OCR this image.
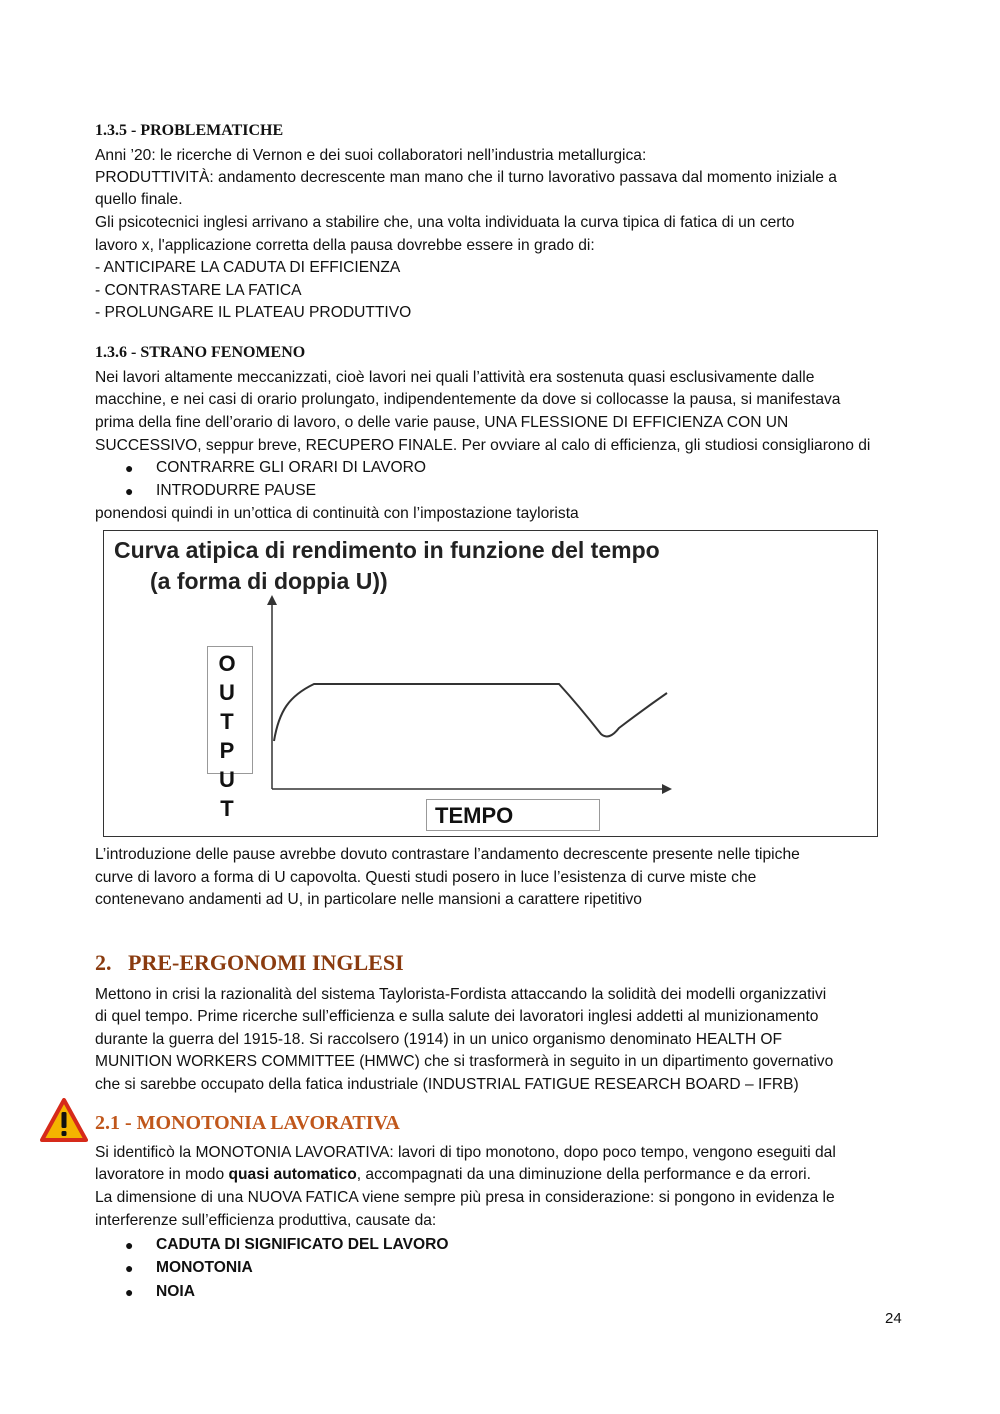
1.3.5 - PROBLEMATICHE
Anni ’20: le ricerche di Vernon e dei suoi collaboratori nell’industria metallurgica:
PRODUTTIVITÀ: andamento decrescente man mano che il turno lavorativo passava dal momento iniziale a
quello finale.
Gli psicotecnici inglesi arrivano a stabilire che, una volta individuata la curva tipica di fatica di un certo
lavoro x, l'applicazione corretta della pausa dovrebbe essere in grado di:
- ANTICIPARE LA CADUTA DI EFFICIENZA
- CONTRASTARE LA FATICA
- PROLUNGARE IL PLATEAU PRODUTTIVO
1.3.6 - STRANO FENOMENO
Nei lavori altamente meccanizzati, cioè lavori nei quali l’attività era sostenuta quasi esclusivamente dalle
macchine, e nei casi di orario prolungato, indipendentemente da dove si collocasse la pausa, si manifestava
prima della fine dell’orario di lavoro, o delle varie pause, UNA FLESSIONE DI EFFICIENZA CON UN
SUCCESSIVO, seppur breve, RECUPERO FINALE. Per ovviare al calo di efficienza, gli studiosi consigliarono di
● CONTRARRE GLI ORARI DI LAVORO
● INTRODURRE PAUSE
ponendosi quindi in un’ottica di continuità con l’impostazione taylorista
Curva atipica di rendimento in funzione del tempo
(a forma di doppia U))
O
U
T
P
U
T	TEMPO
L’introduzione delle pause avrebbe dovuto contrastare l’andamento decrescente presente nelle tipiche
curve di lavoro a forma di U capovolta. Questi studi posero in luce l’esistenza di curve miste che
contenevano andamenti ad U, in particolare nelle mansioni a carattere ripetitivo
2.   PRE-ERGONOMI INGLESI
Mettono in crisi la razionalità del sistema Taylorista-Fordista attaccando la solidità dei modelli organizzativi
di quel tempo. Prime ricerche sull’efficienza e sulla salute dei lavoratori inglesi addetti al munizionamento
durante la guerra del 1915-18. Si raccolsero (1914) in un unico organismo denominato HEALTH OF
MUNITION WORKERS COMMITTEE (HMWC) che si trasformerà in seguito in un dipartimento governativo
che si sarebbe occupato della fatica industriale (INDUSTRIAL FATIGUE RESEARCH BOARD – IFRB)
2.1 - MONOTONIA LAVORATIVA
Si identificò la MONOTONIA LAVORATIVA: lavori di tipo monotono, dopo poco tempo, vengono eseguiti dal
lavoratore in modo quasi automatico, accompagnati da una diminuzione della performance e da errori.
La dimensione di una NUOVA FATICA viene sempre più presa in considerazione: si pongono in evidenza le
interferenze sull’efficienza produttiva, causate da:
● CADUTA DI SIGNIFICATO DEL LAVORO
● MONOTONIA
● NOIA
24
